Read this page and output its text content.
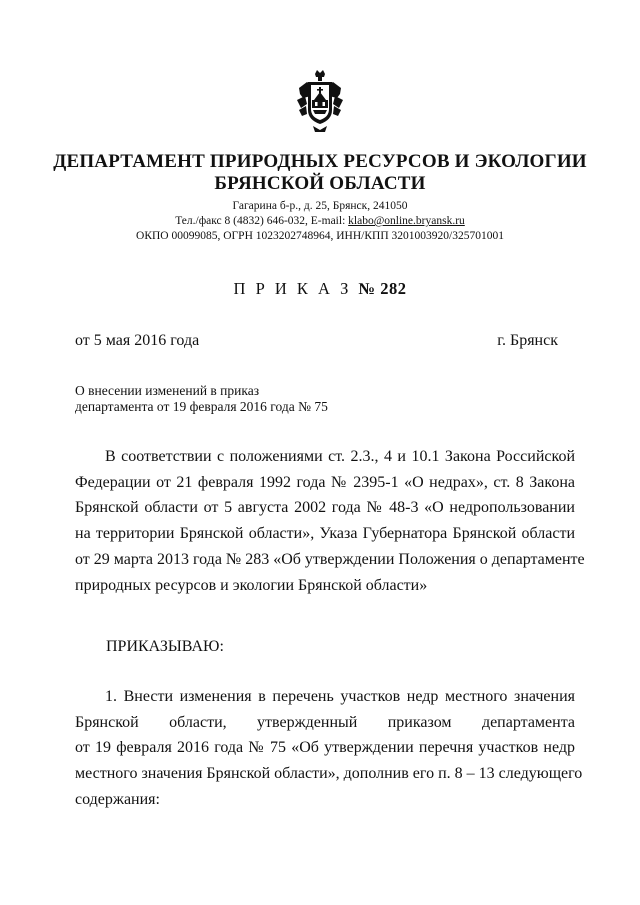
ДЕПАРТАМЕНТ ПРИРОДНЫХ РЕСУРСОВ И ЭКОЛОГИИ
БРЯНСКОЙ ОБЛАСТИ
Гагарина б-р., д. 25, Брянск, 241050
Тел./факс 8 (4832) 646-032, E-mail: klabo@online.bryansk.ru
ОКПО 00099085, ОГРН 1023202748964, ИНН/КПП 3201003920/325701001
П Р И К А З № 282
от 5 мая 2016 года	г. Брянск
О внесении изменений в приказ
департамента от 19 февраля 2016 года № 75
В соответствии с положениями ст. 2.3., 4 и 10.1 Закона Российской
Федерации от 21 февраля 1992 года № 2395-1 «О недрах», ст. 8 Закона
Брянской области от 5 августа 2002 года № 48-3 «О недропользовании
на территории Брянской области», Указа Губернатора Брянской области
от 29 марта 2013 года № 283 «Об утверждении Положения о департаменте
природных ресурсов и экологии Брянской области»
ПРИКАЗЫВАЮ:
1. Внести изменения в перечень участков недр местного значения
Брянской области, утвержденный приказом департамента
от 19 февраля 2016 года № 75 «Об утверждении перечня участков недр
местного значения Брянской области», дополнив его п. 8 – 13 следующего
содержания:
